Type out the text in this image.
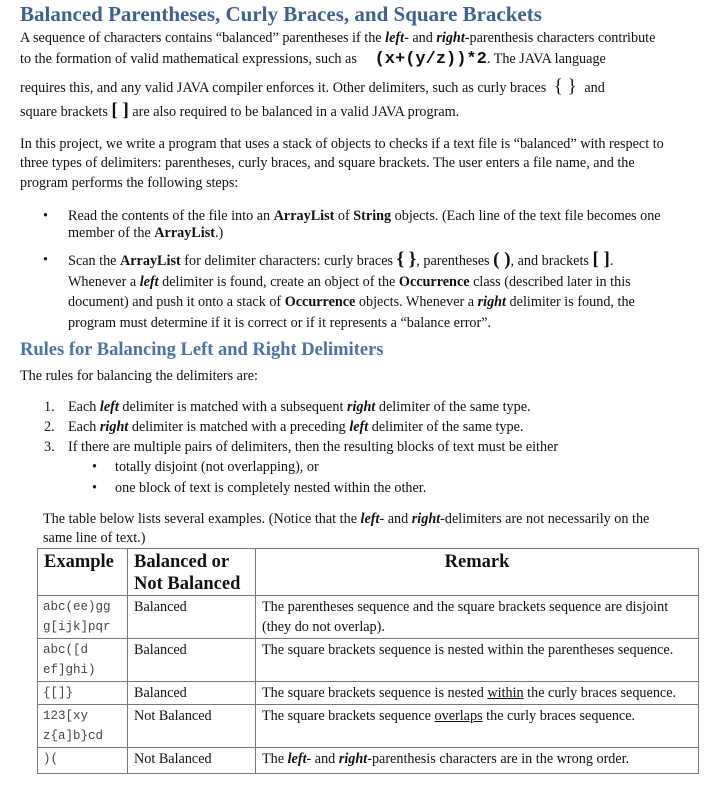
Balanced Parentheses, Curly Braces, and Square Brackets
A sequence of characters contains “balanced” parentheses if the left- and right-parenthesis characters contribute
to the formation of valid mathematical expressions, such as (x+(y/z))*2. The JAVA language
requires this, and any valid JAVA compiler enforces it. Other delimiters, such as curly braces { } and
square brackets [ ] are also required to be balanced in a valid JAVA program.
In this project, we write a program that uses a stack of objects to checks if a text file is “balanced” with respect to
three types of delimiters: parentheses, curly braces, and square brackets. The user enters a file name, and the
program performs the following steps:
Read the contents of the file into an ArrayList of String objects. (Each line of the text file becomes one
member of the ArrayList.)
Scan the ArrayList for delimiter characters: curly braces { }, parentheses ( ), and brackets [ ].
Whenever a left delimiter is found, create an object of the Occurrence class (described later in this
document) and push it onto a stack of Occurrence objects. Whenever a right delimiter is found, the
program must determine if it is correct or if it represents a “balance error”.
Rules for Balancing Left and Right Delimiters
The rules for balancing the delimiters are:
1. Each left delimiter is matched with a subsequent right delimiter of the same type.
2. Each right delimiter is matched with a preceding left delimiter of the same type.
3. If there are multiple pairs of delimiters, then the resulting blocks of text must be either
• totally disjoint (not overlapping), or
• one block of text is completely nested within the other.
The table below lists several examples. (Notice that the left- and right-delimiters are not necessarily on the
same line of text.)
Example	Balanced or
Not Balanced	Remark
abc(ee)gg
g[ijk]pqr	Balanced	The parentheses sequence and the square brackets sequence are disjoint
(they do not overlap).
abc([d
ef]ghi)	Balanced	The square brackets sequence is nested within the parentheses sequence.
{[]}	Balanced	The square brackets sequence is nested within the curly braces sequence.
123[xy
z{a]b}cd	Not Balanced	The square brackets sequence overlaps the curly braces sequence.
)(	Not Balanced	The left- and right-parenthesis characters are in the wrong order.
